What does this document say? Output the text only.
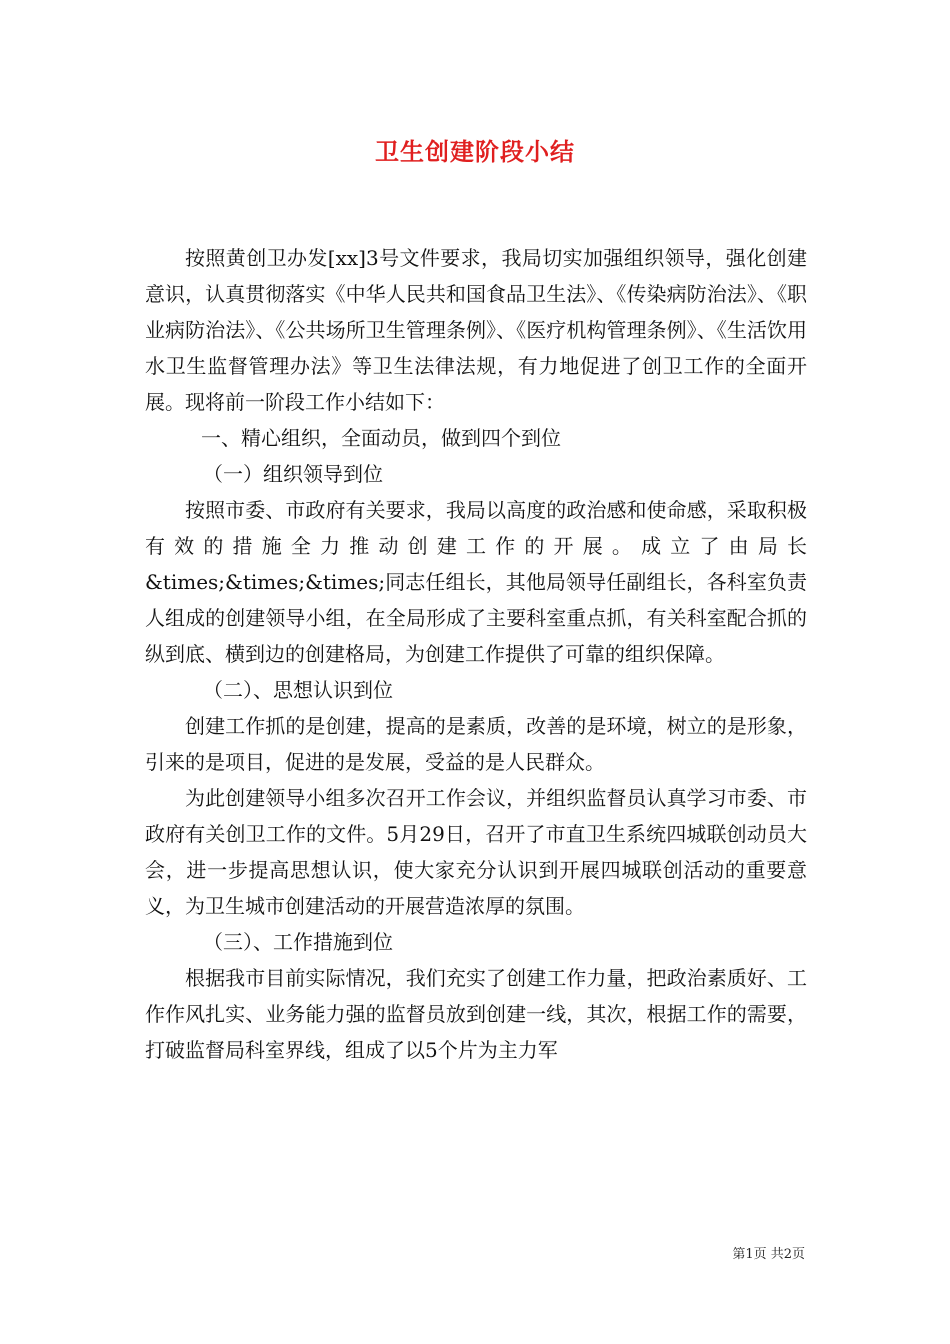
卫生创建阶段小结

按照黄创卫办发[xx]3号文件要求，我局切实加强组织领导，强化创建意识，认真贯彻落实《中华人民共和国食品卫生法》、《传染病防治法》、《职业病防治法》、《公共场所卫生管理条例》、《医疗机构管理条例》、《生活饮用水卫生监督管理办法》等卫生法律法规，有力地促进了创卫工作的全面开展。现将前一阶段工作小结如下：

一、精心组织，全面动员，做到四个到位

（一）组织领导到位

按照市委、市政府有关要求，我局以高度的政治感和使命感，采取积极有效的措施全力推动创建工作的开展。成立了由局长&times;&times;&times;同志任组长，其他局领导任副组长，各科室负责人组成的创建领导小组，在全局形成了主要科室重点抓，有关科室配合抓的纵到底、横到边的创建格局，为创建工作提供了可靠的组织保障。

（二）、思想认识到位

创建工作抓的是创建，提高的是素质，改善的是环境，树立的是形象，引来的是项目，促进的是发展，受益的是人民群众。

为此创建领导小组多次召开工作会议，并组织监督员认真学习市委、市政府有关创卫工作的文件。5月29日，召开了市直卫生系统四城联创动员大会，进一步提高思想认识，使大家充分认识到开展四城联创活动的重要意义，为卫生城市创建活动的开展营造浓厚的氛围。

（三）、工作措施到位

根据我市目前实际情况，我们充实了创建工作力量，把政治素质好、工作作风扎实、业务能力强的监督员放到创建一线，其次，根据工作的需要，打破监督局科室界线，组成了以5个片为主力军

第1页 共2页
